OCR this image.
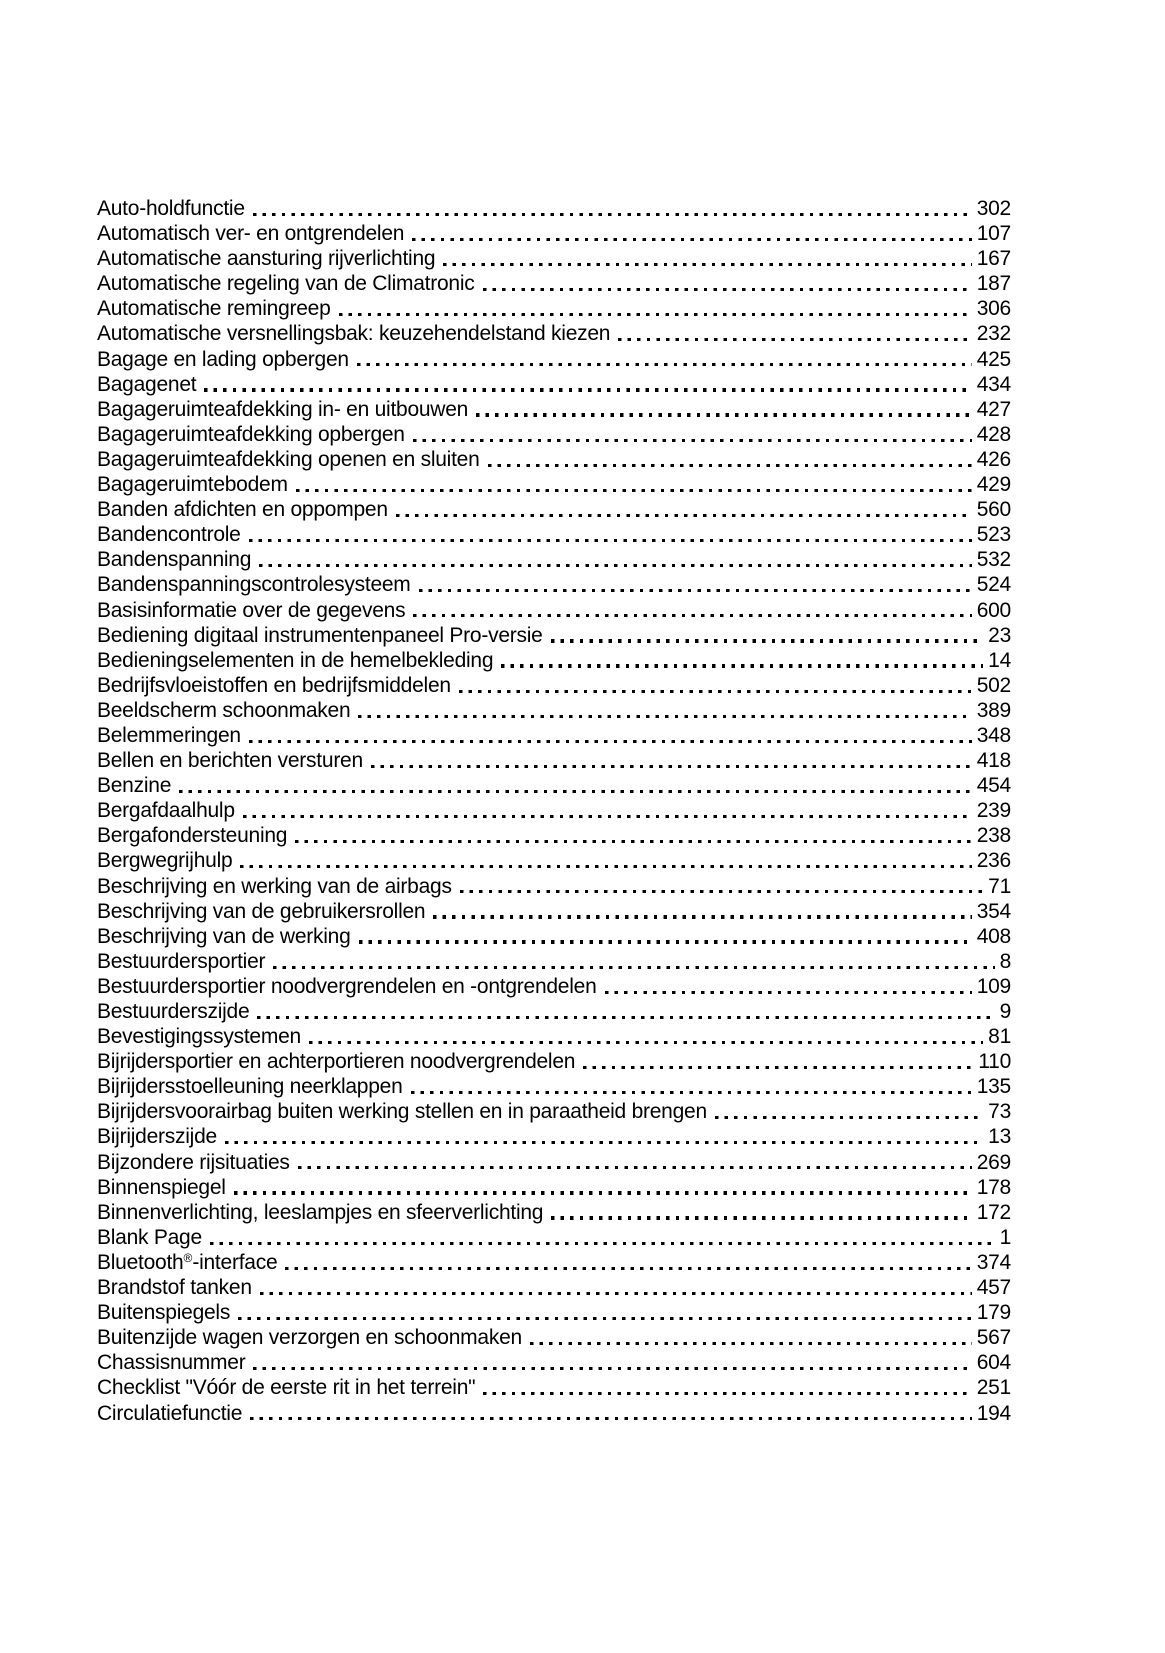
Auto-holdfunctie	302
Automatisch ver- en ontgrendelen	107
Automatische aansturing rijverlichting	167
Automatische regeling van de Climatronic	187
Automatische remingreep	306
Automatische versnellingsbak: keuzehendelstand kiezen	232
Bagage en lading opbergen	425
Bagagenet	434
Bagageruimteafdekking in- en uitbouwen	427
Bagageruimteafdekking opbergen	428
Bagageruimteafdekking openen en sluiten	426
Bagageruimtebodem	429
Banden afdichten en oppompen	560
Bandencontrole	523
Bandenspanning	532
Bandenspanningscontrolesysteem	524
Basisinformatie over de gegevens	600
Bediening digitaal instrumentenpaneel Pro-versie	23
Bedieningselementen in de hemelbekleding	14
Bedrijfsvloeistoffen en bedrijfsmiddelen	502
Beeldscherm schoonmaken	389
Belemmeringen	348
Bellen en berichten versturen	418
Benzine	454
Bergafdaalhulp	239
Bergafondersteuning	238
Bergwegrijhulp	236
Beschrijving en werking van de airbags	71
Beschrijving van de gebruikersrollen	354
Beschrijving van de werking	408
Bestuurdersportier	8
Bestuurdersportier noodvergrendelen en -ontgrendelen	109
Bestuurderszijde	9
Bevestigingssystemen	81
Bijrijdersportier en achterportieren noodvergrendelen	110
Bijrijdersstoelleuning neerklappen	135
Bijrijdersvoorairbag buiten werking stellen en in paraatheid brengen	73
Bijrijderszijde	13
Bijzondere rijsituaties	269
Binnenspiegel	178
Binnenverlichting, leeslampjes en sfeerverlichting	172
Blank Page	1
Bluetooth®-interface	374
Brandstof tanken	457
Buitenspiegels	179
Buitenzijde wagen verzorgen en schoonmaken	567
Chassisnummer	604
Checklist "Vóór de eerste rit in het terrein"	251
Circulatiefunctie	194
